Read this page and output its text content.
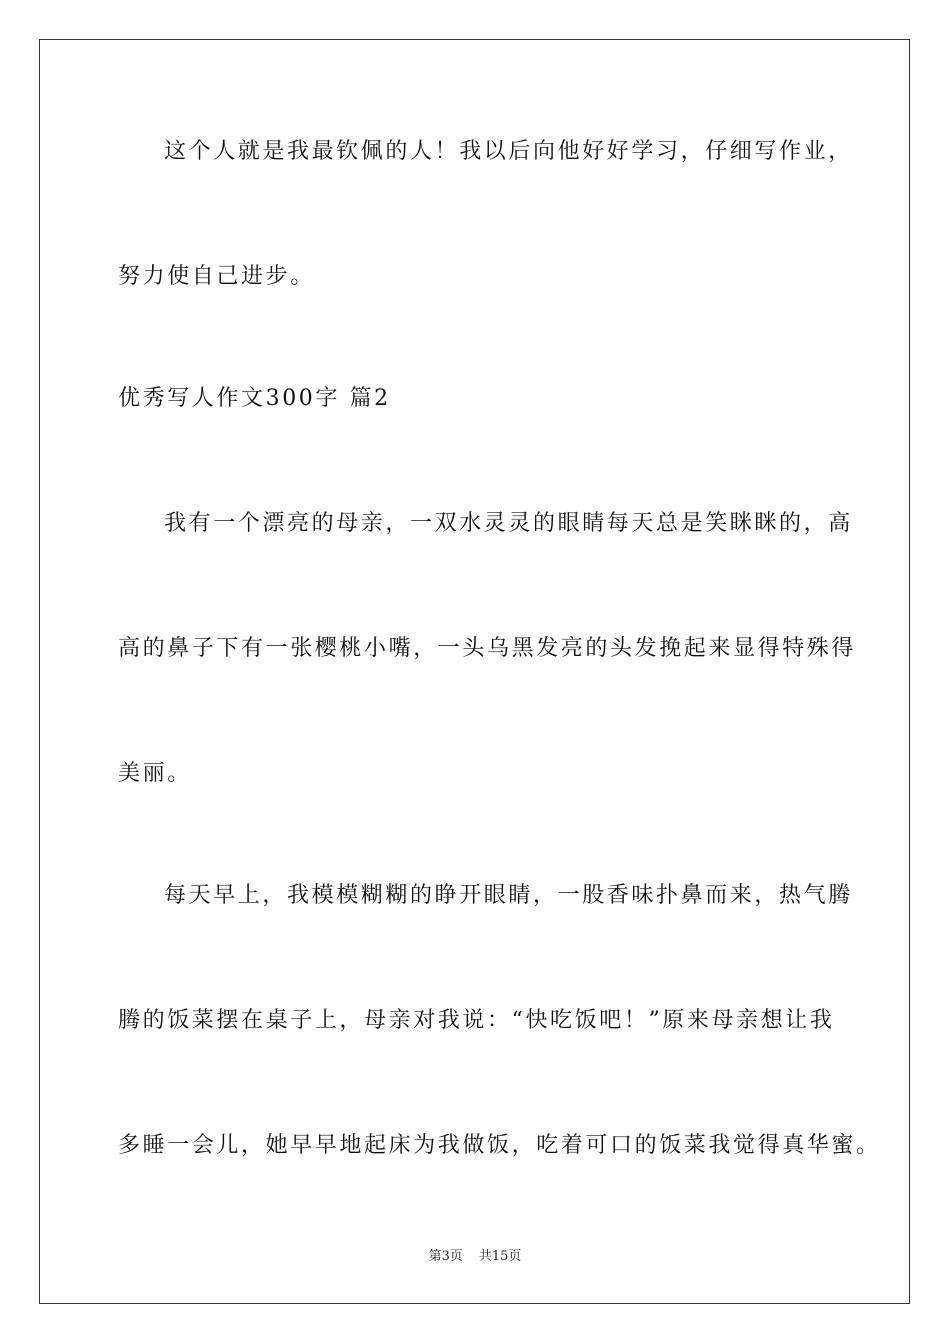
这个人就是我最钦佩的人！我以后向他好好学习，仔细写作业，
努力使自己进步。
优秀写人作文300字 篇2
我有一个漂亮的母亲，一双水灵灵的眼睛每天总是笑眯眯的，高
高的鼻子下有一张樱桃小嘴，一头乌黑发亮的头发挽起来显得特殊得
美丽。
每天早上，我模模糊糊的睁开眼睛，一股香味扑鼻而来，热气腾
腾的饭菜摆在桌子上，母亲对我说：“快吃饭吧！”原来母亲想让我
多睡一会儿，她早早地起床为我做饭，吃着可口的饭菜我觉得真华蜜。
第3页 共15页
